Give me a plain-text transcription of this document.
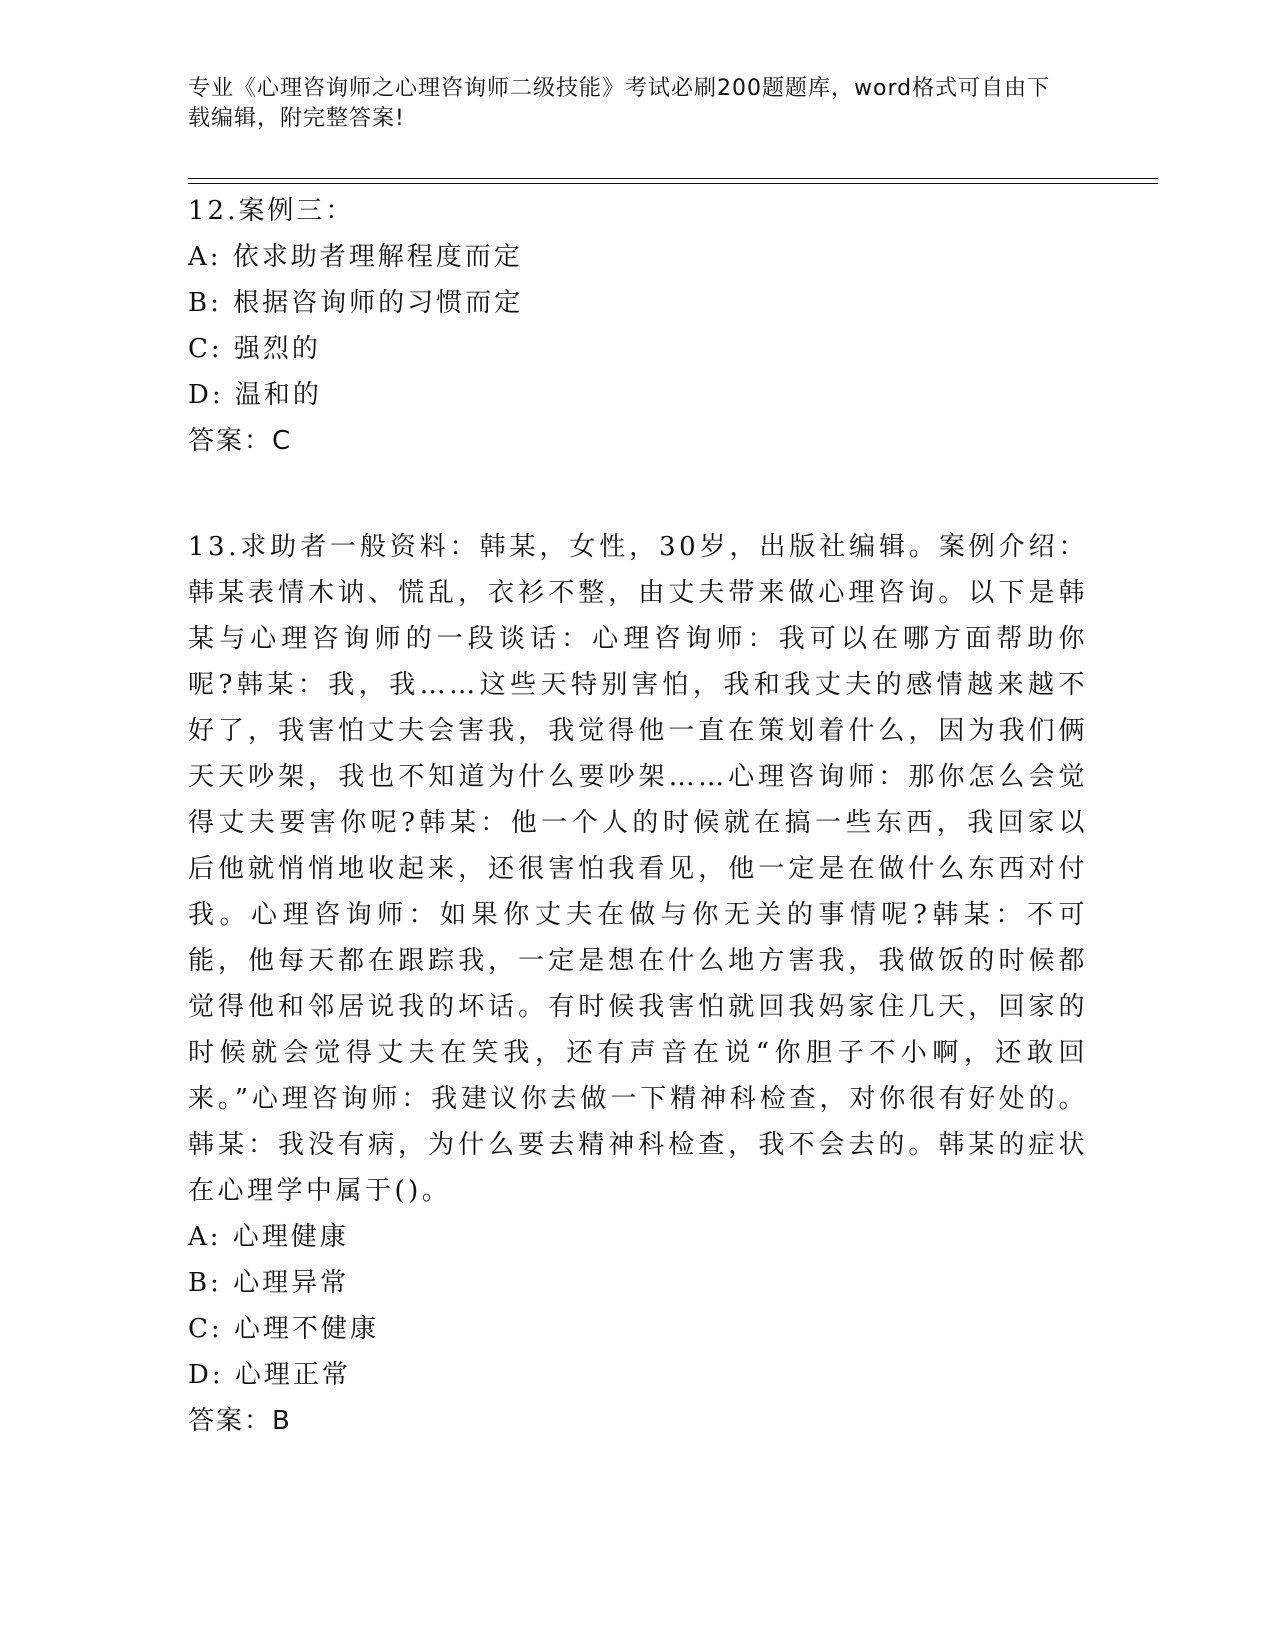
专业《心理咨询师之心理咨询师二级技能》考试必刷200题题库，word格式可自由下载编辑，附完整答案!
12.案例三：
A: 依求助者理解程度而定
B: 根据咨询师的习惯而定
C: 强烈的
D: 温和的
答案：C
13.求助者一般资料：韩某，女性，30岁，出版社编辑。案例介绍：韩某表情木讷、慌乱，衣衫不整，由丈夫带来做心理咨询。以下是韩某与心理咨询师的一段谈话：心理咨询师：我可以在哪方面帮助你呢?韩某：我，我……这些天特别害怕，我和我丈夫的感情越来越不好了，我害怕丈夫会害我，我觉得他一直在策划着什么，因为我们俩天天吵架，我也不知道为什么要吵架……心理咨询师：那你怎么会觉得丈夫要害你呢?韩某：他一个人的时候就在搞一些东西，我回家以后他就悄悄地收起来，还很害怕我看见，他一定是在做什么东西对付我。心理咨询师：如果你丈夫在做与你无关的事情呢?韩某：不可能，他每天都在跟踪我，一定是想在什么地方害我，我做饭的时候都觉得他和邻居说我的坏话。有时候我害怕就回我妈家住几天，回家的时候就会觉得丈夫在笑我，还有声音在说“你胆子不小啊，还敢回来。”心理咨询师：我建议你去做一下精神科检查，对你很有好处的。韩某：我没有病，为什么要去精神科检查，我不会去的。韩某的症状在心理学中属于()。
A: 心理健康
B: 心理异常
C: 心理不健康
D: 心理正常
答案：B
